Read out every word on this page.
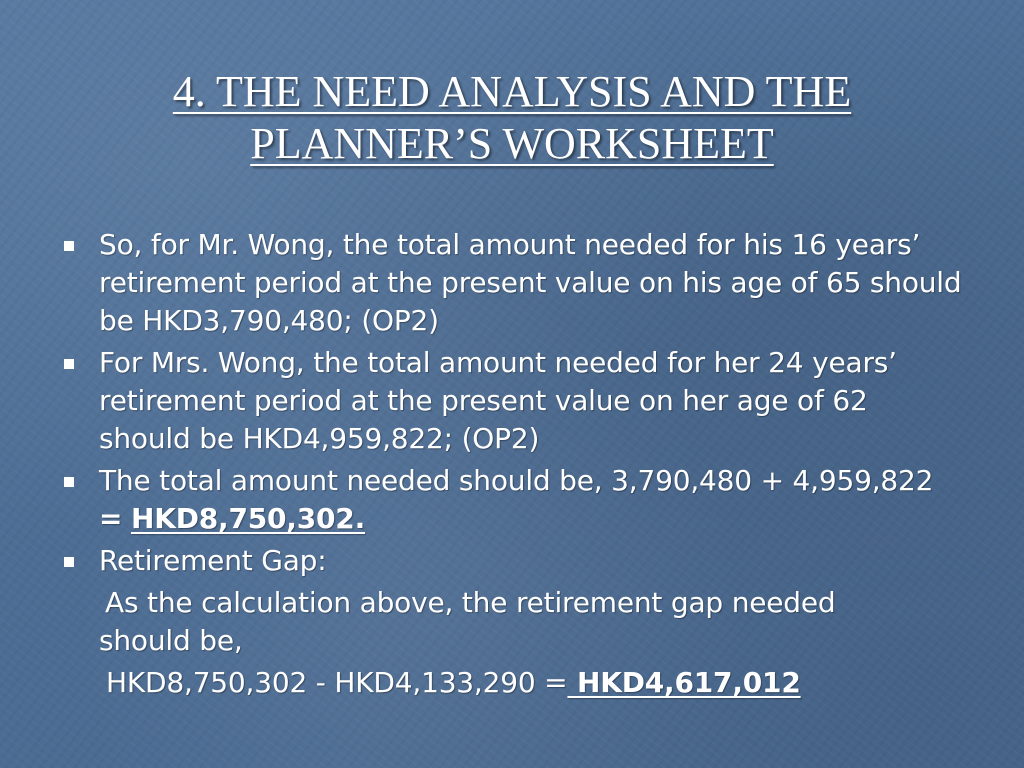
4. THE NEED ANALYSIS AND THE
PLANNER’S WORKSHEET
So, for Mr. Wong, the total amount needed for his 16 years’ retirement period at the present value on his age of 65 should be HKD3,790,480; (OP2)
For Mrs. Wong, the total amount needed for her 24 years’ retirement period at the present value on her age of 62 should be HKD4,959,822; (OP2)
The total amount needed should be, 3,790,480 + 4,959,822 = HKD8,750,302.
Retirement Gap:
As the calculation above, the retirement gap needed
should be,
HKD8,750,302 - HKD4,133,290 = HKD4,617,012
